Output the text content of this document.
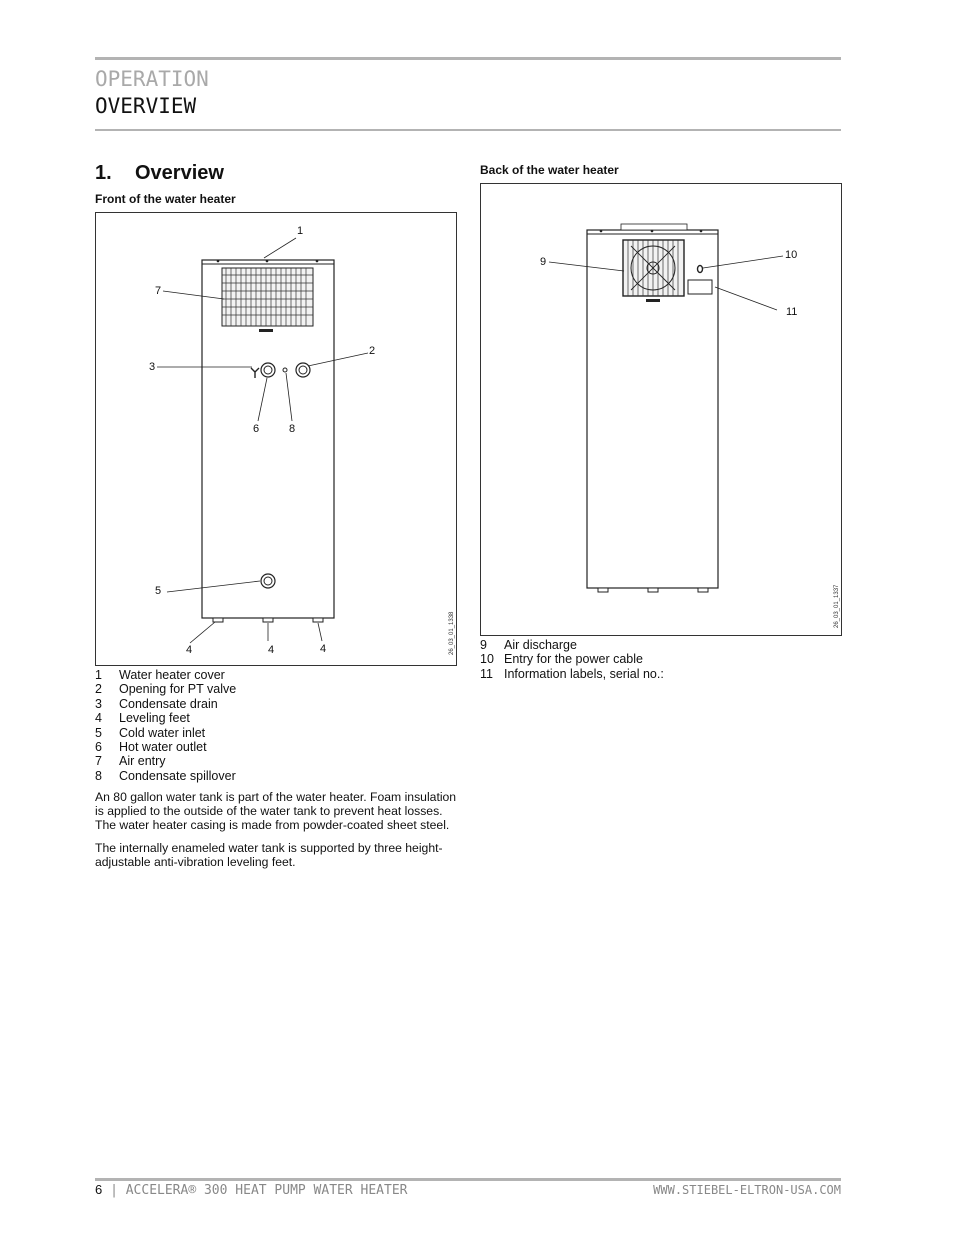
OPERATION
OVERVIEW
1. Overview
Front of the water heater
1
7
3
2
6	8
5
4	4	4	26_03_01_1338
1	Water heater cover
2	Opening for PT valve
3	Condensate drain
4	Leveling feet
5	Cold water inlet
6	Hot water outlet
7	Air entry
8	Condensate spillover

An 80 gallon water tank is part of the water heater. Foam insulation is applied to the outside of the water tank to prevent heat losses. The water heater casing is made from powder-coated sheet steel.

The internally enameled water tank is supported by three height-adjustable anti-vibration leveling feet.

Back of the water heater
9
10
11
26_03_01_1337
9	Air discharge
10 Entry for the power cable
11 Information labels, serial no.:
6 | ACCELERA® 300 HEAT PUMP WATER HEATER	WWW.STIEBEL-ELTRON-USA.COM
